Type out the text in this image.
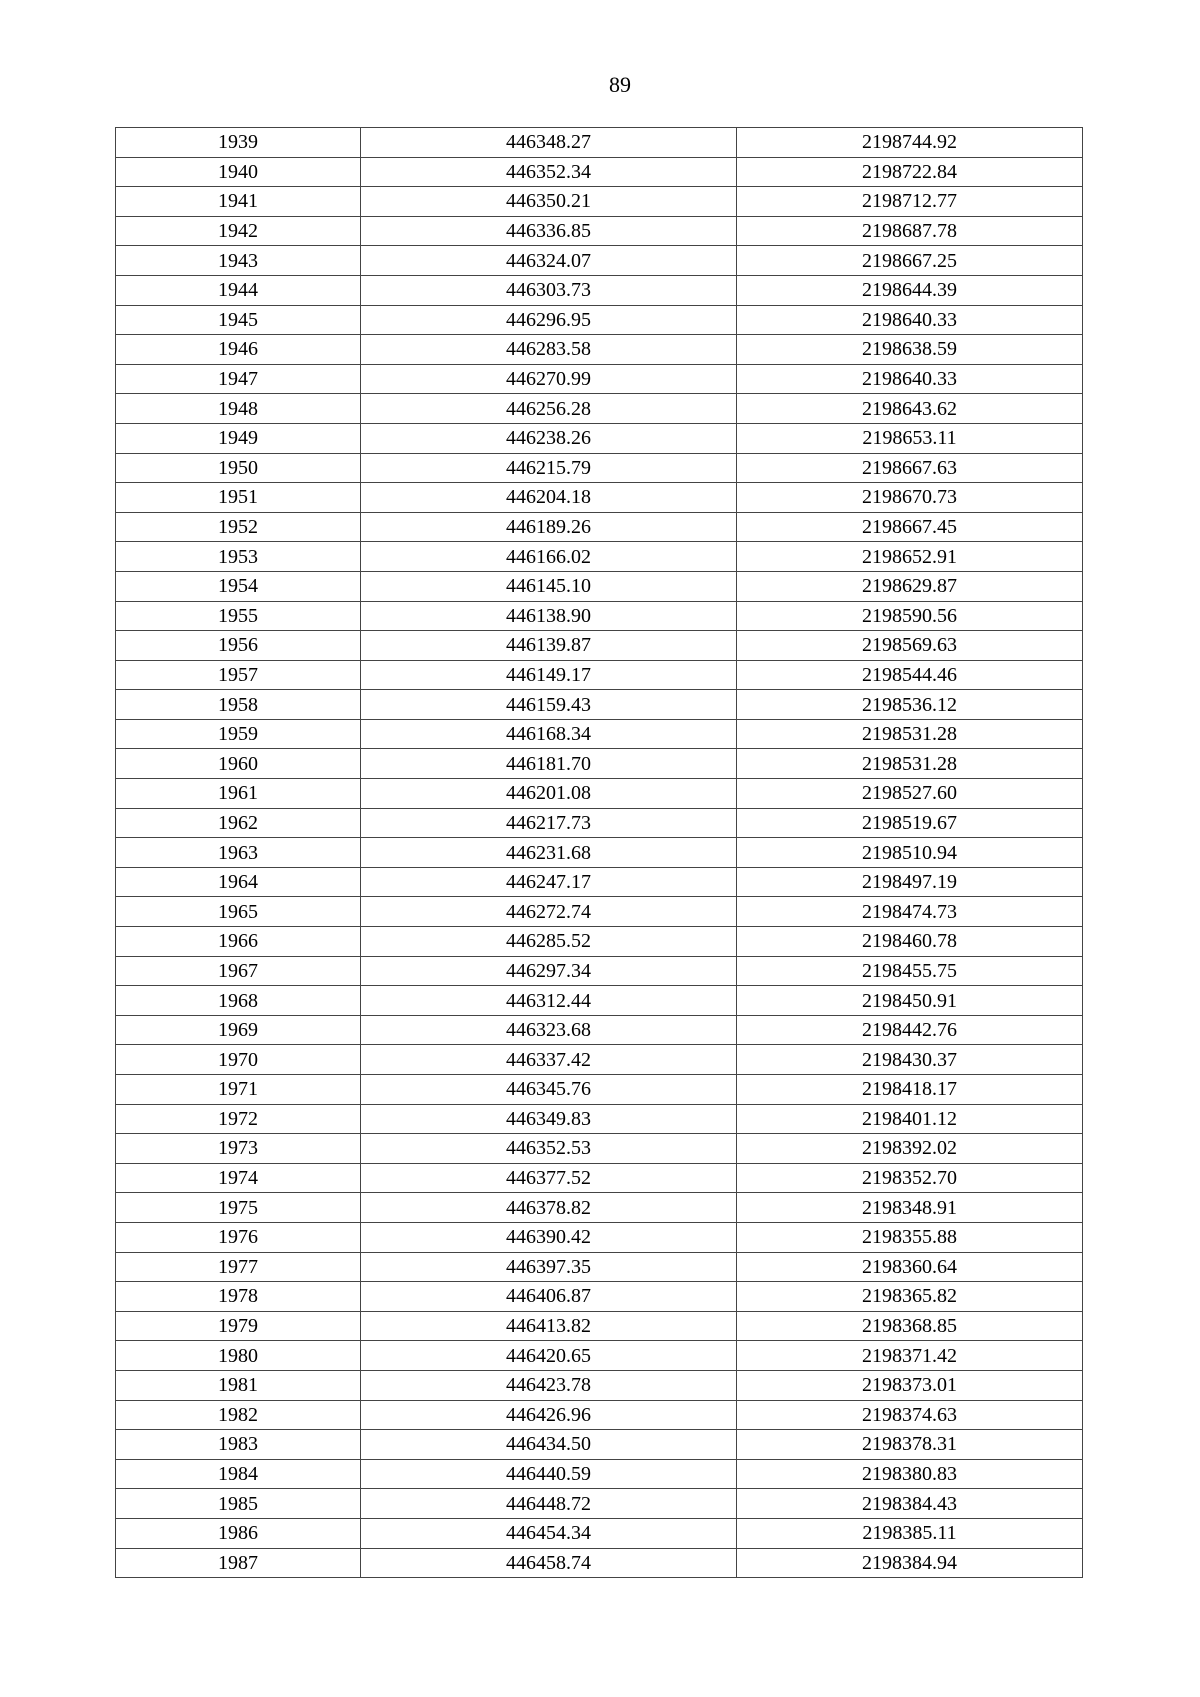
89
1939	446348.27	2198744.92
1940	446352.34	2198722.84
1941	446350.21	2198712.77
1942	446336.85	2198687.78
1943	446324.07	2198667.25
1944	446303.73	2198644.39
1945	446296.95	2198640.33
1946	446283.58	2198638.59
1947	446270.99	2198640.33
1948	446256.28	2198643.62
1949	446238.26	2198653.11
1950	446215.79	2198667.63
1951	446204.18	2198670.73
1952	446189.26	2198667.45
1953	446166.02	2198652.91
1954	446145.10	2198629.87
1955	446138.90	2198590.56
1956	446139.87	2198569.63
1957	446149.17	2198544.46
1958	446159.43	2198536.12
1959	446168.34	2198531.28
1960	446181.70	2198531.28
1961	446201.08	2198527.60
1962	446217.73	2198519.67
1963	446231.68	2198510.94
1964	446247.17	2198497.19
1965	446272.74	2198474.73
1966	446285.52	2198460.78
1967	446297.34	2198455.75
1968	446312.44	2198450.91
1969	446323.68	2198442.76
1970	446337.42	2198430.37
1971	446345.76	2198418.17
1972	446349.83	2198401.12
1973	446352.53	2198392.02
1974	446377.52	2198352.70
1975	446378.82	2198348.91
1976	446390.42	2198355.88
1977	446397.35	2198360.64
1978	446406.87	2198365.82
1979	446413.82	2198368.85
1980	446420.65	2198371.42
1981	446423.78	2198373.01
1982	446426.96	2198374.63
1983	446434.50	2198378.31
1984	446440.59	2198380.83
1985	446448.72	2198384.43
1986	446454.34	2198385.11
1987	446458.74	2198384.94
